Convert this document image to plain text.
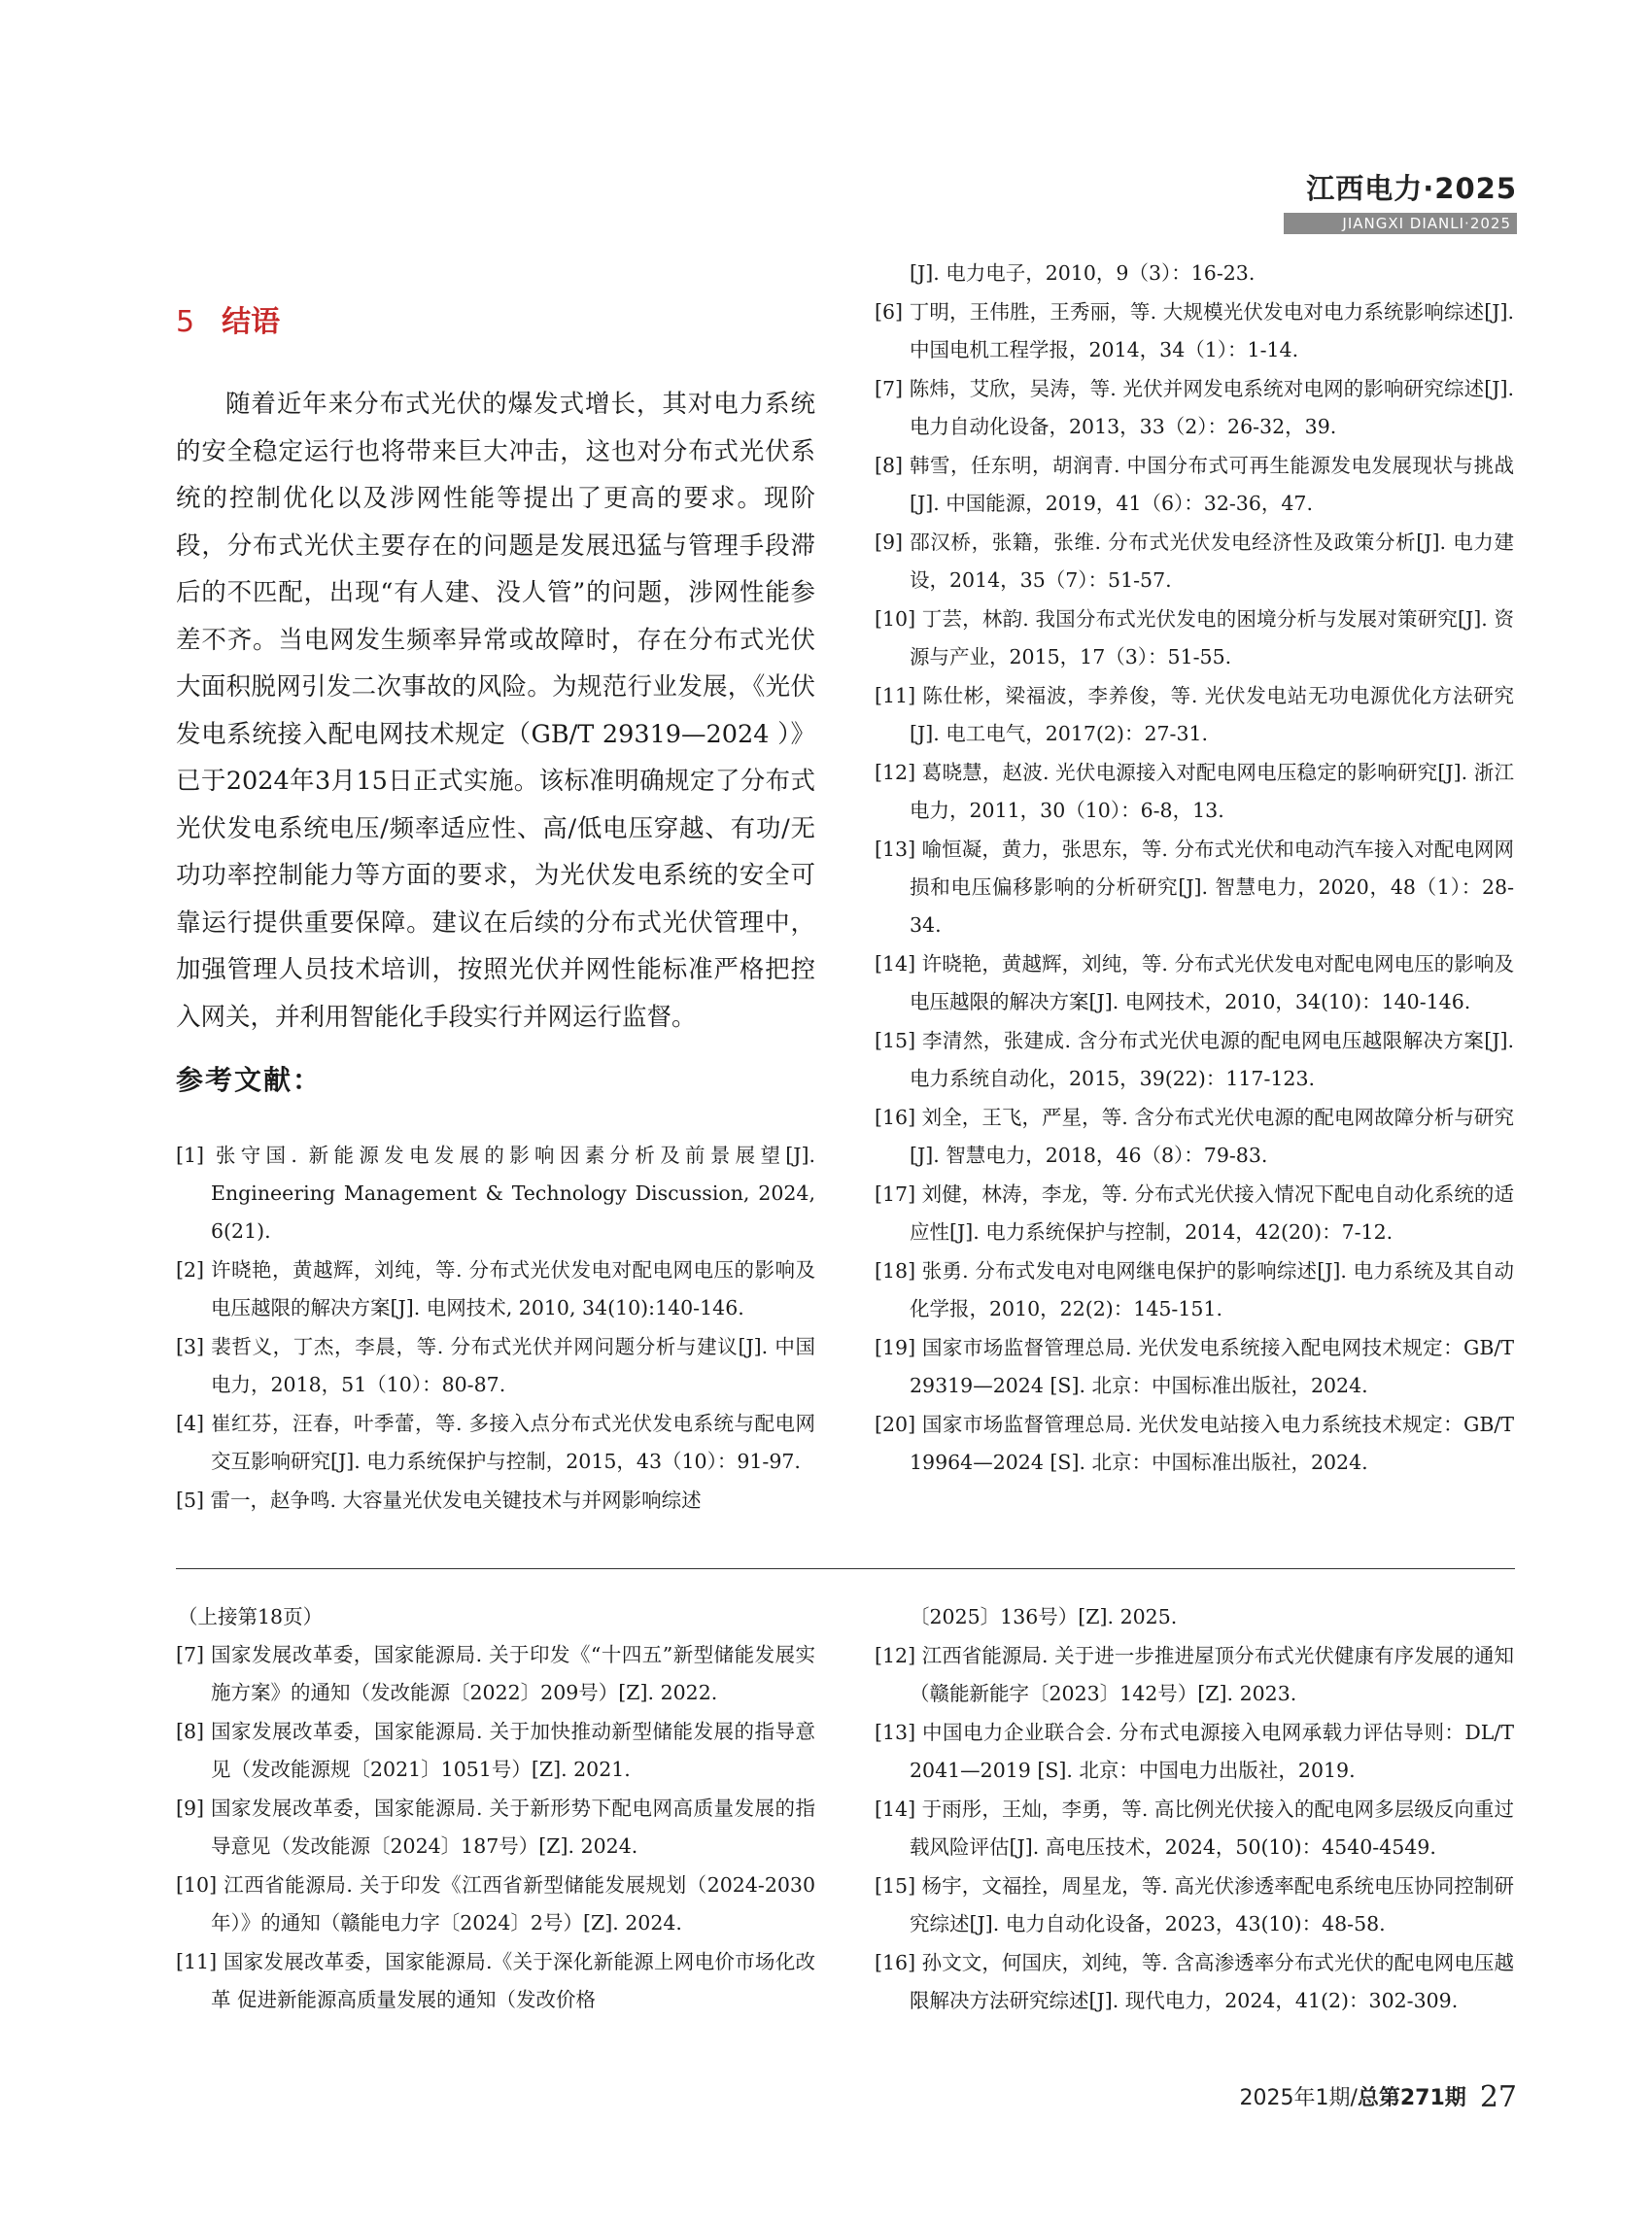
江西电力·2025
JIANGXI DIANLI·2025
5 结语
随着近年来分布式光伏的爆发式增长，其对电力系统的安全稳定运行也将带来巨大冲击，这也对分布式光伏系统的控制优化以及涉网性能等提出了更高的要求。现阶段，分布式光伏主要存在的问题是发展迅猛与管理手段滞后的不匹配，出现“有人建、没人管”的问题，涉网性能参差不齐。当电网发生频率异常或故障时，存在分布式光伏大面积脱网引发二次事故的风险。为规范行业发展，《光伏发电系统接入配电网技术规定（GB/T 29319—2024 ）》已于2024年3月15日正式实施。该标准明确规定了分布式光伏发电系统电压/频率适应性、高/低电压穿越、有功/无功功率控制能力等方面的要求，为光伏发电系统的安全可靠运行提供重要保障。建议在后续的分布式光伏管理中，加强管理人员技术培训，按照光伏并网性能标准严格把控入网关，并利用智能化手段实行并网运行监督。
参考文献：
[1] 张守国. 新能源发电发展的影响因素分析及前景展望[J]. Engineering Management & Technology Discussion, 2024, 6(21).
[2] 许晓艳，黄越辉，刘纯，等. 分布式光伏发电对配电网电压的影响及电压越限的解决方案[J]. 电网技术, 2010, 34(10):140-146.
[3] 裴哲义，丁杰，李晨，等. 分布式光伏并网问题分析与建议[J]. 中国电力，2018，51（10）：80-87.
[4] 崔红芬，汪春，叶季蕾，等. 多接入点分布式光伏发电系统与配电网交互影响研究[J]. 电力系统保护与控制，2015，43（10）：91-97.
[5] 雷一，赵争鸣. 大容量光伏发电关键技术与并网影响综述
[J]. 电力电子，2010，9（3）：16-23.
[6] 丁明，王伟胜，王秀丽，等. 大规模光伏发电对电力系统影响综述[J]. 中国电机工程学报，2014，34（1）：1-14.
[7] 陈炜，艾欣，吴涛，等. 光伏并网发电系统对电网的影响研究综述[J]. 电力自动化设备，2013，33（2）：26-32，39.
[8] 韩雪，任东明，胡润青. 中国分布式可再生能源发电发展现状与挑战[J]. 中国能源，2019，41（6）：32-36，47.
[9] 邵汉桥，张籍，张维. 分布式光伏发电经济性及政策分析[J]. 电力建设，2014，35（7）：51-57.
[10] 丁芸，林韵. 我国分布式光伏发电的困境分析与发展对策研究[J]. 资源与产业，2015，17（3）：51-55.
[11] 陈仕彬，梁福波，李养俊，等. 光伏发电站无功电源优化方法研究[J]. 电工电气，2017(2)：27-31.
[12] 葛晓慧，赵波. 光伏电源接入对配电网电压稳定的影响研究[J]. 浙江电力，2011，30（10）：6-8，13.
[13] 喻恒凝，黄力，张思东，等. 分布式光伏和电动汽车接入对配电网网损和电压偏移影响的分析研究[J]. 智慧电力，2020，48（1）：28-34.
[14] 许晓艳，黄越辉，刘纯，等. 分布式光伏发电对配电网电压的影响及电压越限的解决方案[J]. 电网技术，2010，34(10)：140-146.
[15] 李清然，张建成. 含分布式光伏电源的配电网电压越限解决方案[J]. 电力系统自动化，2015，39(22)：117-123.
[16] 刘全，王飞，严星，等. 含分布式光伏电源的配电网故障分析与研究[J]. 智慧电力，2018，46（8）：79-83.
[17] 刘健，林涛，李龙，等. 分布式光伏接入情况下配电自动化系统的适应性[J]. 电力系统保护与控制，2014，42(20)：7-12.
[18] 张勇. 分布式发电对电网继电保护的影响综述[J]. 电力系统及其自动化学报，2010，22(2)：145-151.
[19] 国家市场监督管理总局. 光伏发电系统接入配电网技术规定：GB/T 29319—2024 [S]. 北京：中国标准出版社，2024.
[20] 国家市场监督管理总局. 光伏发电站接入电力系统技术规定：GB/T 19964—2024 [S]. 北京：中国标准出版社，2024.
（上接第18页）
[7] 国家发展改革委，国家能源局. 关于印发《“十四五”新型储能发展实施方案》的通知（发改能源〔2022〕209号）[Z]. 2022.
[8] 国家发展改革委，国家能源局. 关于加快推动新型储能发展的指导意见（发改能源规〔2021〕1051号）[Z]. 2021.
[9] 国家发展改革委，国家能源局. 关于新形势下配电网高质量发展的指导意见（发改能源〔2024〕187号）[Z]. 2024.
[10] 江西省能源局. 关于印发《江西省新型储能发展规划（2024-2030年）》的通知（赣能电力字〔2024〕2号）[Z]. 2024.
[11] 国家发展改革委，国家能源局.《关于深化新能源上网电价市场化改革 促进新能源高质量发展的通知（发改价格
〔2025〕136号）[Z]. 2025.
[12] 江西省能源局. 关于进一步推进屋顶分布式光伏健康有序发展的通知（赣能新能字〔2023〕142号）[Z]. 2023.
[13] 中国电力企业联合会. 分布式电源接入电网承载力评估导则：DL/T 2041—2019 [S]. 北京：中国电力出版社，2019.
[14] 于雨彤，王灿，李勇，等. 高比例光伏接入的配电网多层级反向重过载风险评估[J]. 高电压技术，2024，50(10)：4540-4549.
[15] 杨宇，文福拴，周星龙，等. 高光伏渗透率配电系统电压协同控制研究综述[J]. 电力自动化设备，2023，43(10)：48-58.
[16] 孙文文，何国庆，刘纯，等. 含高渗透率分布式光伏的配电网电压越限解决方法研究综述[J]. 现代电力，2024，41(2)：302-309.
2025年1期/总第271期 27
